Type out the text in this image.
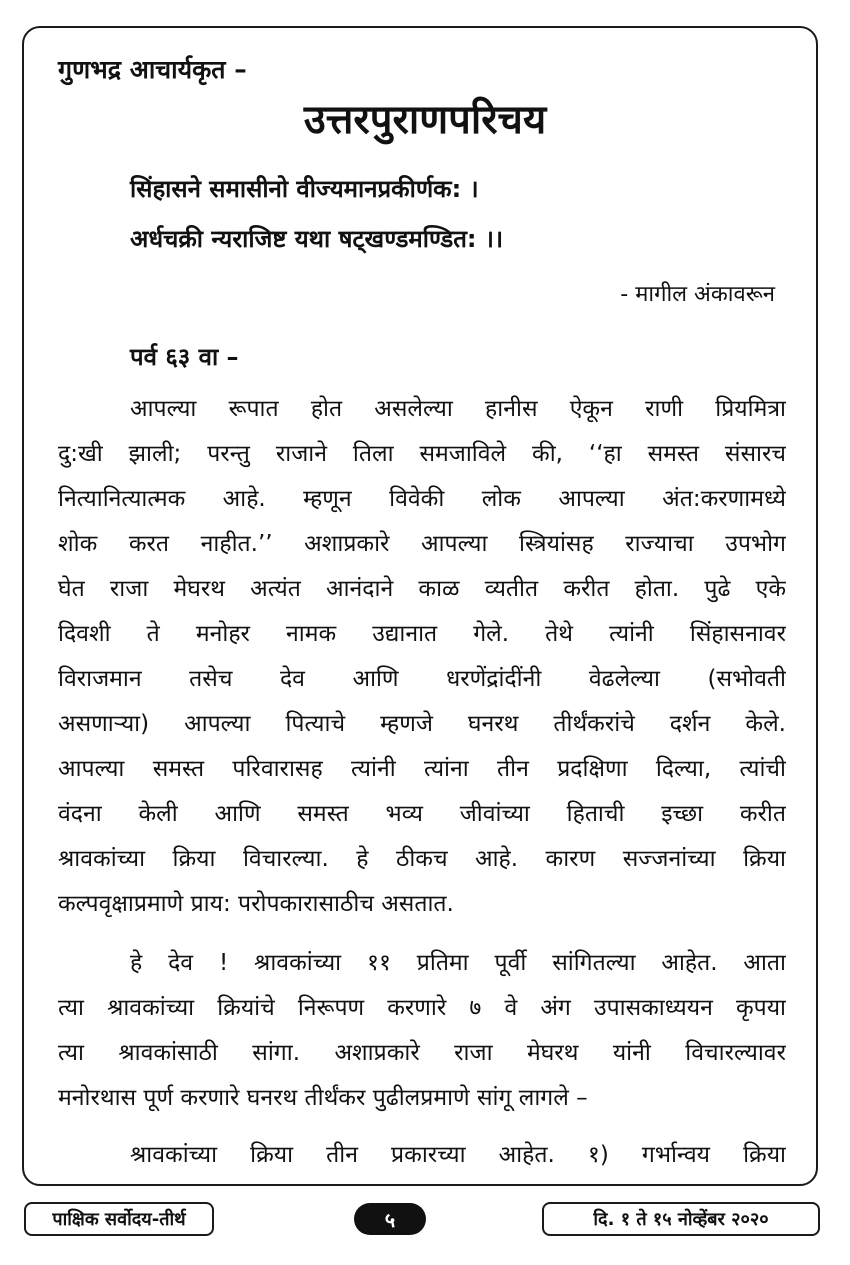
गुणभद्र आचार्यकृत –
उत्तरपुराणपरिचय
सिंहासने समासीनो वीज्यमानप्रकीर्णक: ।
अर्धचक्री न्यराजिष्ट यथा षट्खण्डमण्डित: ।।
- मागील अंकावरून
पर्व ६३ वा –
आपल्या रूपात होत असलेल्या हानीस ऐकून राणी प्रियमित्रा
दु:खी झाली; परन्तु राजाने तिला समजाविले की, ‘‘हा समस्त संसारच
नित्यानित्यात्मक आहे. म्हणून विवेकी लोक आपल्या अंत:करणामध्ये
शोक करत नाहीत.’’ अशाप्रकारे आपल्या स्त्रियांसह राज्याचा उपभोग
घेत राजा मेघरथ अत्यंत आनंदाने काळ व्यतीत करीत होता. पुढे एके
दिवशी ते मनोहर नामक उद्यानात गेले. तेथे त्यांनी सिंहासनावर
विराजमान तसेच देव आणि धरणेंद्रांदींनी वेढलेल्या (सभोवती
असणाऱ्या) आपल्या पित्याचे म्हणजे घनरथ तीर्थंकरांचे दर्शन केले.
आपल्या समस्त परिवारासह त्यांनी त्यांना तीन प्रदक्षिणा दिल्या, त्यांची
वंदना केली आणि समस्त भव्य जीवांच्या हिताची इच्छा करीत
श्रावकांच्या क्रिया विचारल्या. हे ठीकच आहे. कारण सज्जनांच्या क्रिया
कल्पवृक्षाप्रमाणे प्राय: परोपकारासाठीच असतात.
हे देव ! श्रावकांच्या ११ प्रतिमा पूर्वी सांगितल्या आहेत. आता
त्या श्रावकांच्या क्रियांचे निरूपण करणारे ७ वे अंग उपासकाध्ययन कृपया
त्या श्रावकांसाठी सांगा. अशाप्रकारे राजा मेघरथ यांनी विचारल्यावर
मनोरथास पूर्ण करणारे घनरथ तीर्थंकर पुढीलप्रमाणे सांगू लागले –
श्रावकांच्या क्रिया तीन प्रकारच्या आहेत. १) गर्भान्वय क्रिया
पाक्षिक सर्वोदय-तीर्थ	५	दि. १ ते १५ नोव्हेंबर २०२०
